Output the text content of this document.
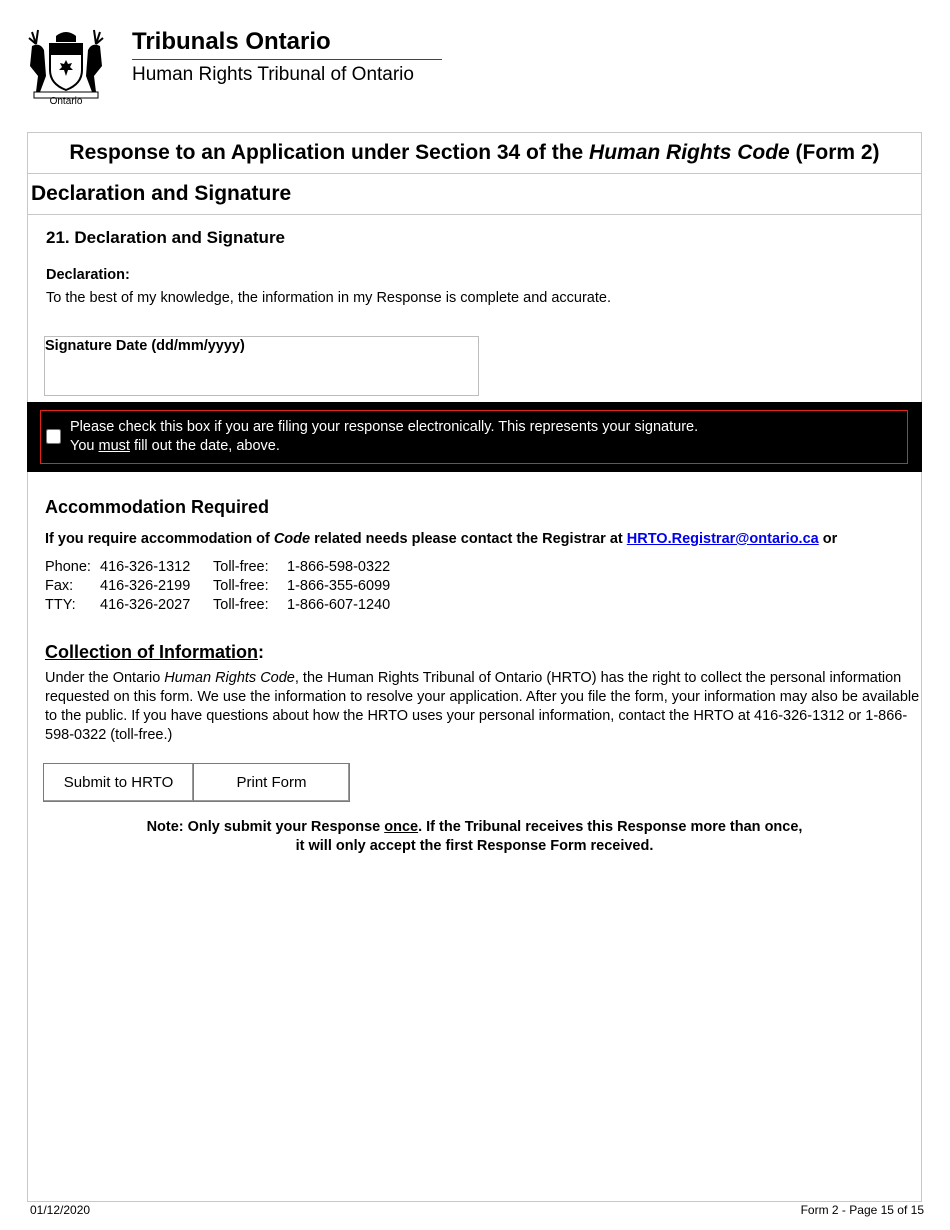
Ontario
Tribunals Ontario
Human Rights Tribunal of Ontario
Response to an Application under Section 34 of the Human Rights Code (Form 2)
Declaration and Signature
21. Declaration and Signature
Declaration:
To the best of my knowledge, the information in my Response is complete and accurate.
Signature Date (dd/mm/yyyy)
Please check this box if you are filing your response electronically. This represents your signature.
You must fill out the date, above.
Accommodation Required
If you require accommodation of Code related needs please contact the Registrar at HRTO.Registrar@ontario.ca or
Phone:	416-326-1312	Toll-free:	1-866-598-0322
Fax:	416-326-2199	Toll-free:	1-866-355-6099
TTY:	416-326-2027	Toll-free:	1-866-607-1240
Collection of Information:
Under the Ontario Human Rights Code, the Human Rights Tribunal of Ontario (HRTO) has the right to collect the personal information requested on this form. We use the information to resolve your application. After you file the form, your information may also be available to the public. If you have questions about how the HRTO uses your personal information, contact the HRTO at 416-326-1312 or 1-866-598-0322 (toll-free.)
Submit to HRTO	Print Form
Note: Only submit your Response once. If the Tribunal receives this Response more than once,
it will only accept the first Response Form received.
01/12/2020	Form 2 - Page 15 of 15
